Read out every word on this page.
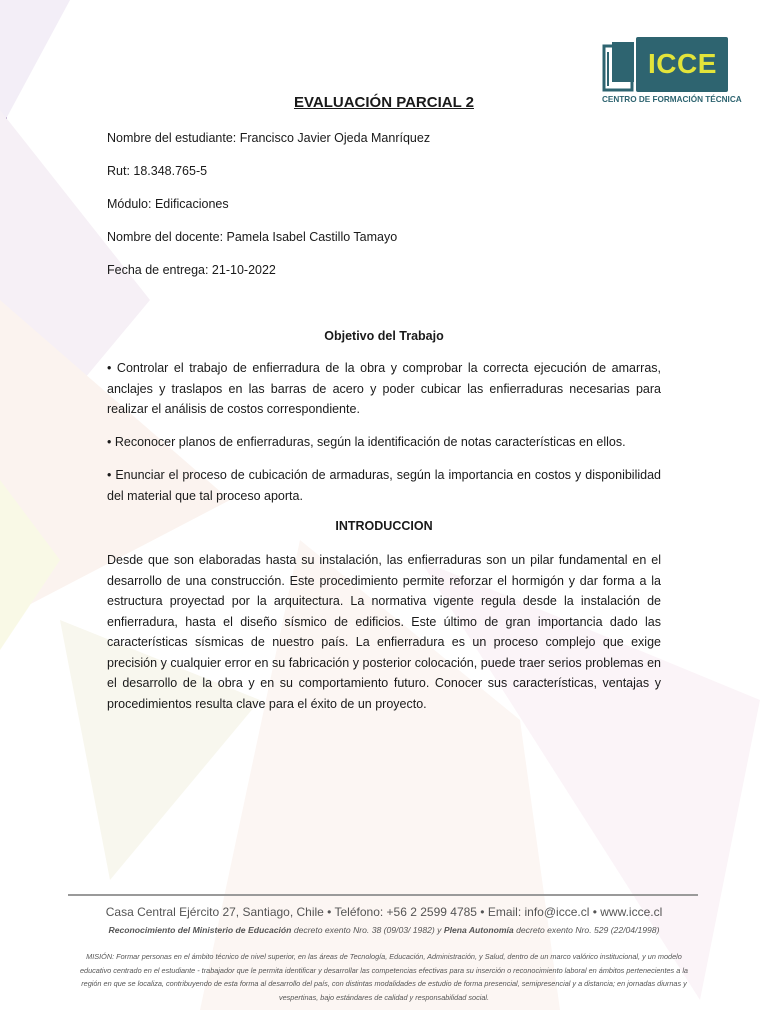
ICCE
CENTRO DE FORMACIÓN TÉCNICA
EVALUACIÓN PARCIAL 2
Nombre del estudiante: Francisco Javier Ojeda Manríquez
Rut: 18.348.765-5
Módulo: Edificaciones
Nombre del docente: Pamela Isabel Castillo Tamayo
Fecha de entrega: 21-10-2022
Objetivo del Trabajo
• Controlar el trabajo de enfierradura de la obra y comprobar la correcta ejecución de amarras, anclajes y traslapos en las barras de acero y poder cubicar las enfierraduras necesarias para realizar el análisis de costos correspondiente.
• Reconocer planos de enfierraduras, según la identificación de notas características en ellos.
• Enunciar el proceso de cubicación de armaduras, según la importancia en costos y disponibilidad del material que tal proceso aporta.
INTRODUCCION
Desde que son elaboradas hasta su instalación, las enfierraduras son un pilar fundamental en el desarrollo de una construcción. Este procedimiento permite reforzar el hormigón y dar forma a la estructura proyectad por la arquitectura. La normativa vigente regula desde la instalación de enfierradura, hasta el diseño sísmico de edificios. Este último de gran importancia dado las características sísmicas de nuestro país. La enfierradura es un proceso complejo que exige precisión y cualquier error en su fabricación y posterior colocación, puede traer serios problemas en el desarrollo de la obra y en su comportamiento futuro. Conocer sus características, ventajas y procedimientos resulta clave para el éxito de un proyecto.
Casa Central Ejército 27, Santiago, Chile • Teléfono: +56 2 2599 4785 • Email: info@icce.cl • www.icce.cl
Reconocimiento del Ministerio de Educación decreto exento Nro. 38 (09/03/ 1982) y Plena Autonomía decreto exento Nro. 529 (22/04/1998)
MISIÓN: Formar personas en el ámbito técnico de nivel superior, en las áreas de Tecnología, Educación, Administración, y Salud, dentro de un marco valórico institucional, y un modelo educativo centrado en el estudiante - trabajador que le permita identificar y desarrollar las competencias efectivas para su inserción o reconocimiento laboral en ámbitos pertenecientes a la región en que se localiza, contribuyendo de esta forma al desarrollo del país, con distintas modalidades de estudio de forma presencial, semipresencial y a distancia; en jornadas diurnas y vespertinas, bajo estándares de calidad y responsabilidad social.
